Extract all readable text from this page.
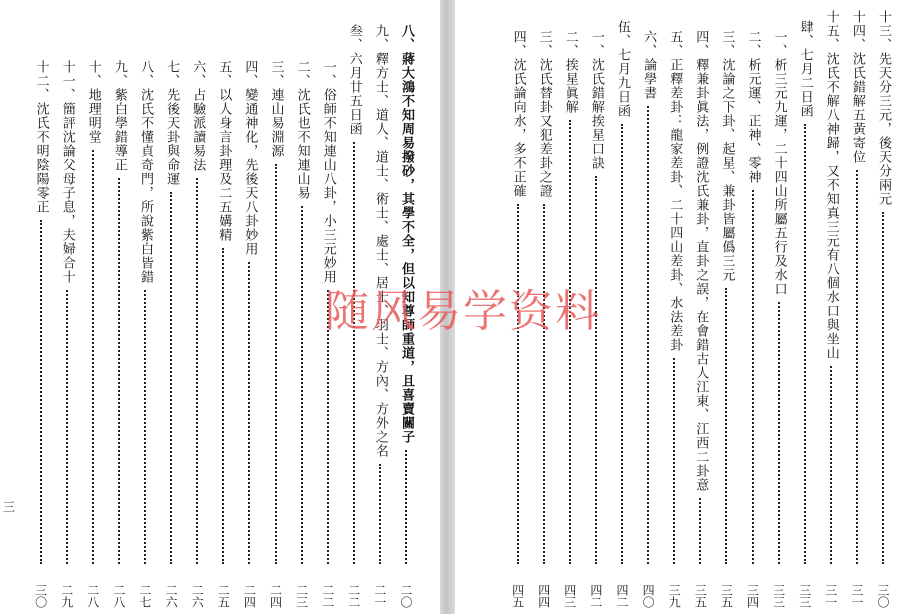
三
八、蔣大鴻不知周易撥砂，其學不全，但以知尊師重道，且喜賣關子
二〇
九、釋方士、道人、道士、術士、處士、居士、羽士、方內、方外之名
二一
叁、六月廿五日函
二二
一、俗師不知連山八卦，小三元妙用
二二
二、沈氏也不知連山易
二三
三、連山易淵源
二四
四、變通神化，先後天八卦妙用
二四
五、以人身言卦理及二五媾精
二五
六、占驗派讀易法
二六
七、先後天卦與命運
二六
八、沈氏不懂貞奇門，所說紫白皆錯
二七
九、紫白學錯導正
二八
十、地理明堂
二八
十一、簡評沈論父母子息，夫婦合十
二九
十二、沈氏不明陰陽零正
三〇
十三、先天分三元，後天分兩元
三〇
十四、沈氏錯解五黃寄位
三一
十五、沈氏不解八神歸，又不知真三元有八個水口與坐山
三一
肆、七月二日函
三三
一、析三元九運，二十四山所屬五行及水口
三三
二、析元運、正神、零神
三四
三、沈論之下卦、起星、兼卦皆屬僞三元
三五
四、釋兼卦眞法，例證沈氏兼卦，直卦之誤，在會錯古人江東、江西二卦意
三五
五、正釋差卦：龍家差卦、二十四山差卦、水法差卦
三九
六、論學書
四〇
伍、七月九日函
四二
一、沈氏錯解挨星口訣
四二
二、挨星眞解
四三
三、沈氏替卦又犯差卦之證
四四
四、沈氏論向水，多不正確
四五
随风易学资料
